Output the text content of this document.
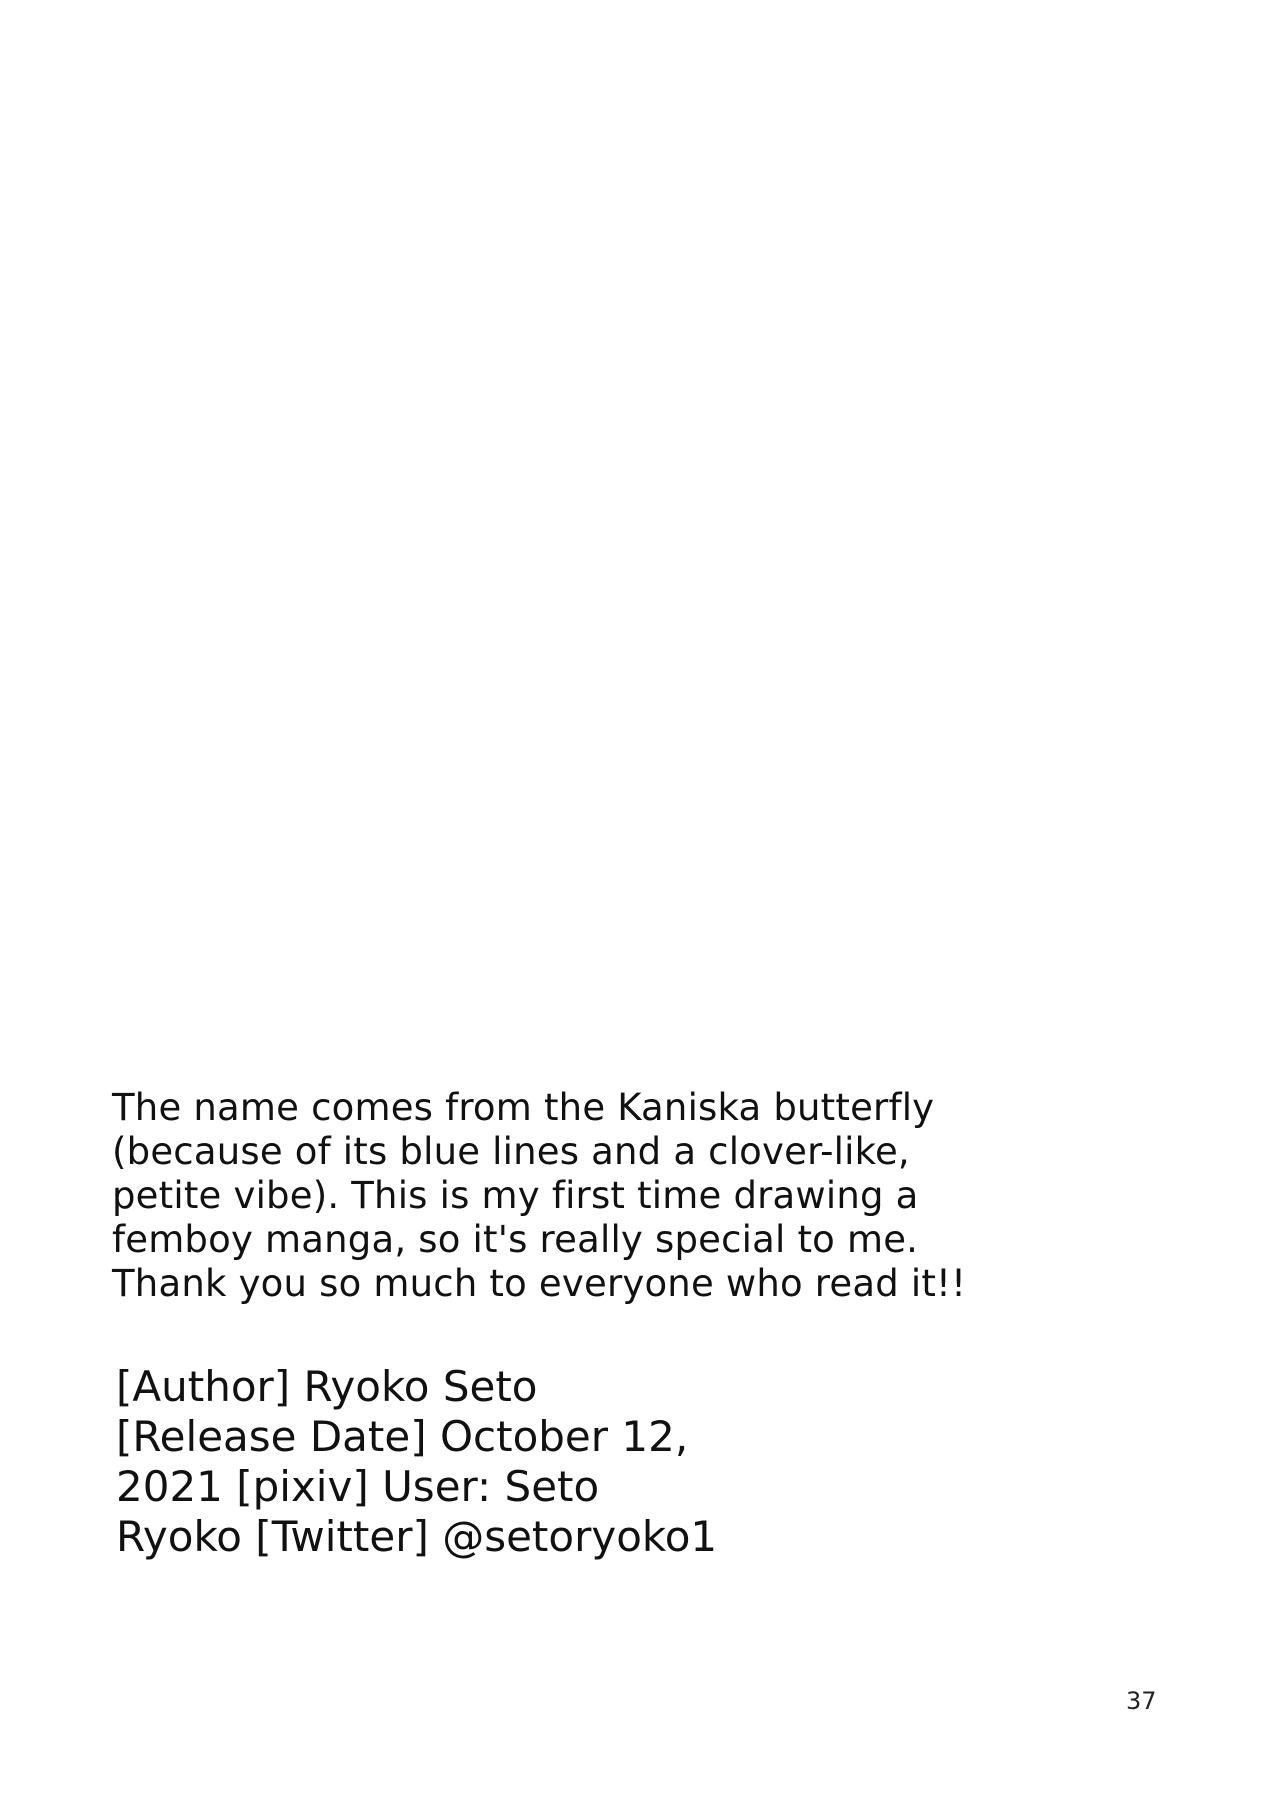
The name comes from the Kaniska butterfly
(because of its blue lines and a clover-like,
petite vibe). This is my first time drawing a
femboy manga, so it's really special to me.
Thank you so much to everyone who read it!!
[Author] Ryoko Seto
[Release Date] October 12,
2021 [pixiv] User: Seto
Ryoko [Twitter] @setoryoko1
37
